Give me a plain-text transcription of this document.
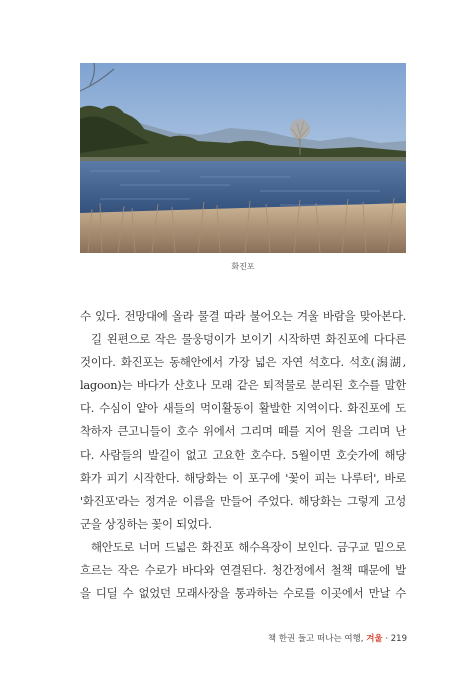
화진포

수 있다. 전망대에 올라 물결 따라 불어오는 겨울 바람을 맞아본다.

길 왼편으로 작은 물웅덩이가 보이기 시작하면 화진포에 다다른

것이다. 화진포는 동해안에서 가장 넓은 자연 석호다. 석호(潟湖,

lagoon)는 바다가 산호나 모래 같은 퇴적물로 분리된 호수를 말한

다. 수심이 얕아 새들의 먹이활동이 활발한 지역이다. 화진포에 도

착하자 큰고니들이 호수 위에서 그리며 떼를 지어 원을 그리며 난

다. 사람들의 발길이 없고 고요한 호수다. 5월이면 호숫가에 해당

화가 피기 시작한다. 해당화는 이 포구에 '꽃이 피는 나루터', 바로

'화진포'라는 정겨운 이름을 만들어 주었다. 해당화는 그렇게 고성

군을 상징하는 꽃이 되었다.

해안도로 너머 드넓은 화진포 해수욕장이 보인다. 금구교 밑으로

흐르는 작은 수로가 바다와 연결된다. 청간정에서 철책 때문에 발

을 디딜 수 없었던 모래사장을 통과하는 수로를 이곳에서 만날 수

책 한권 들고 떠나는 여행, 겨울 · 219
